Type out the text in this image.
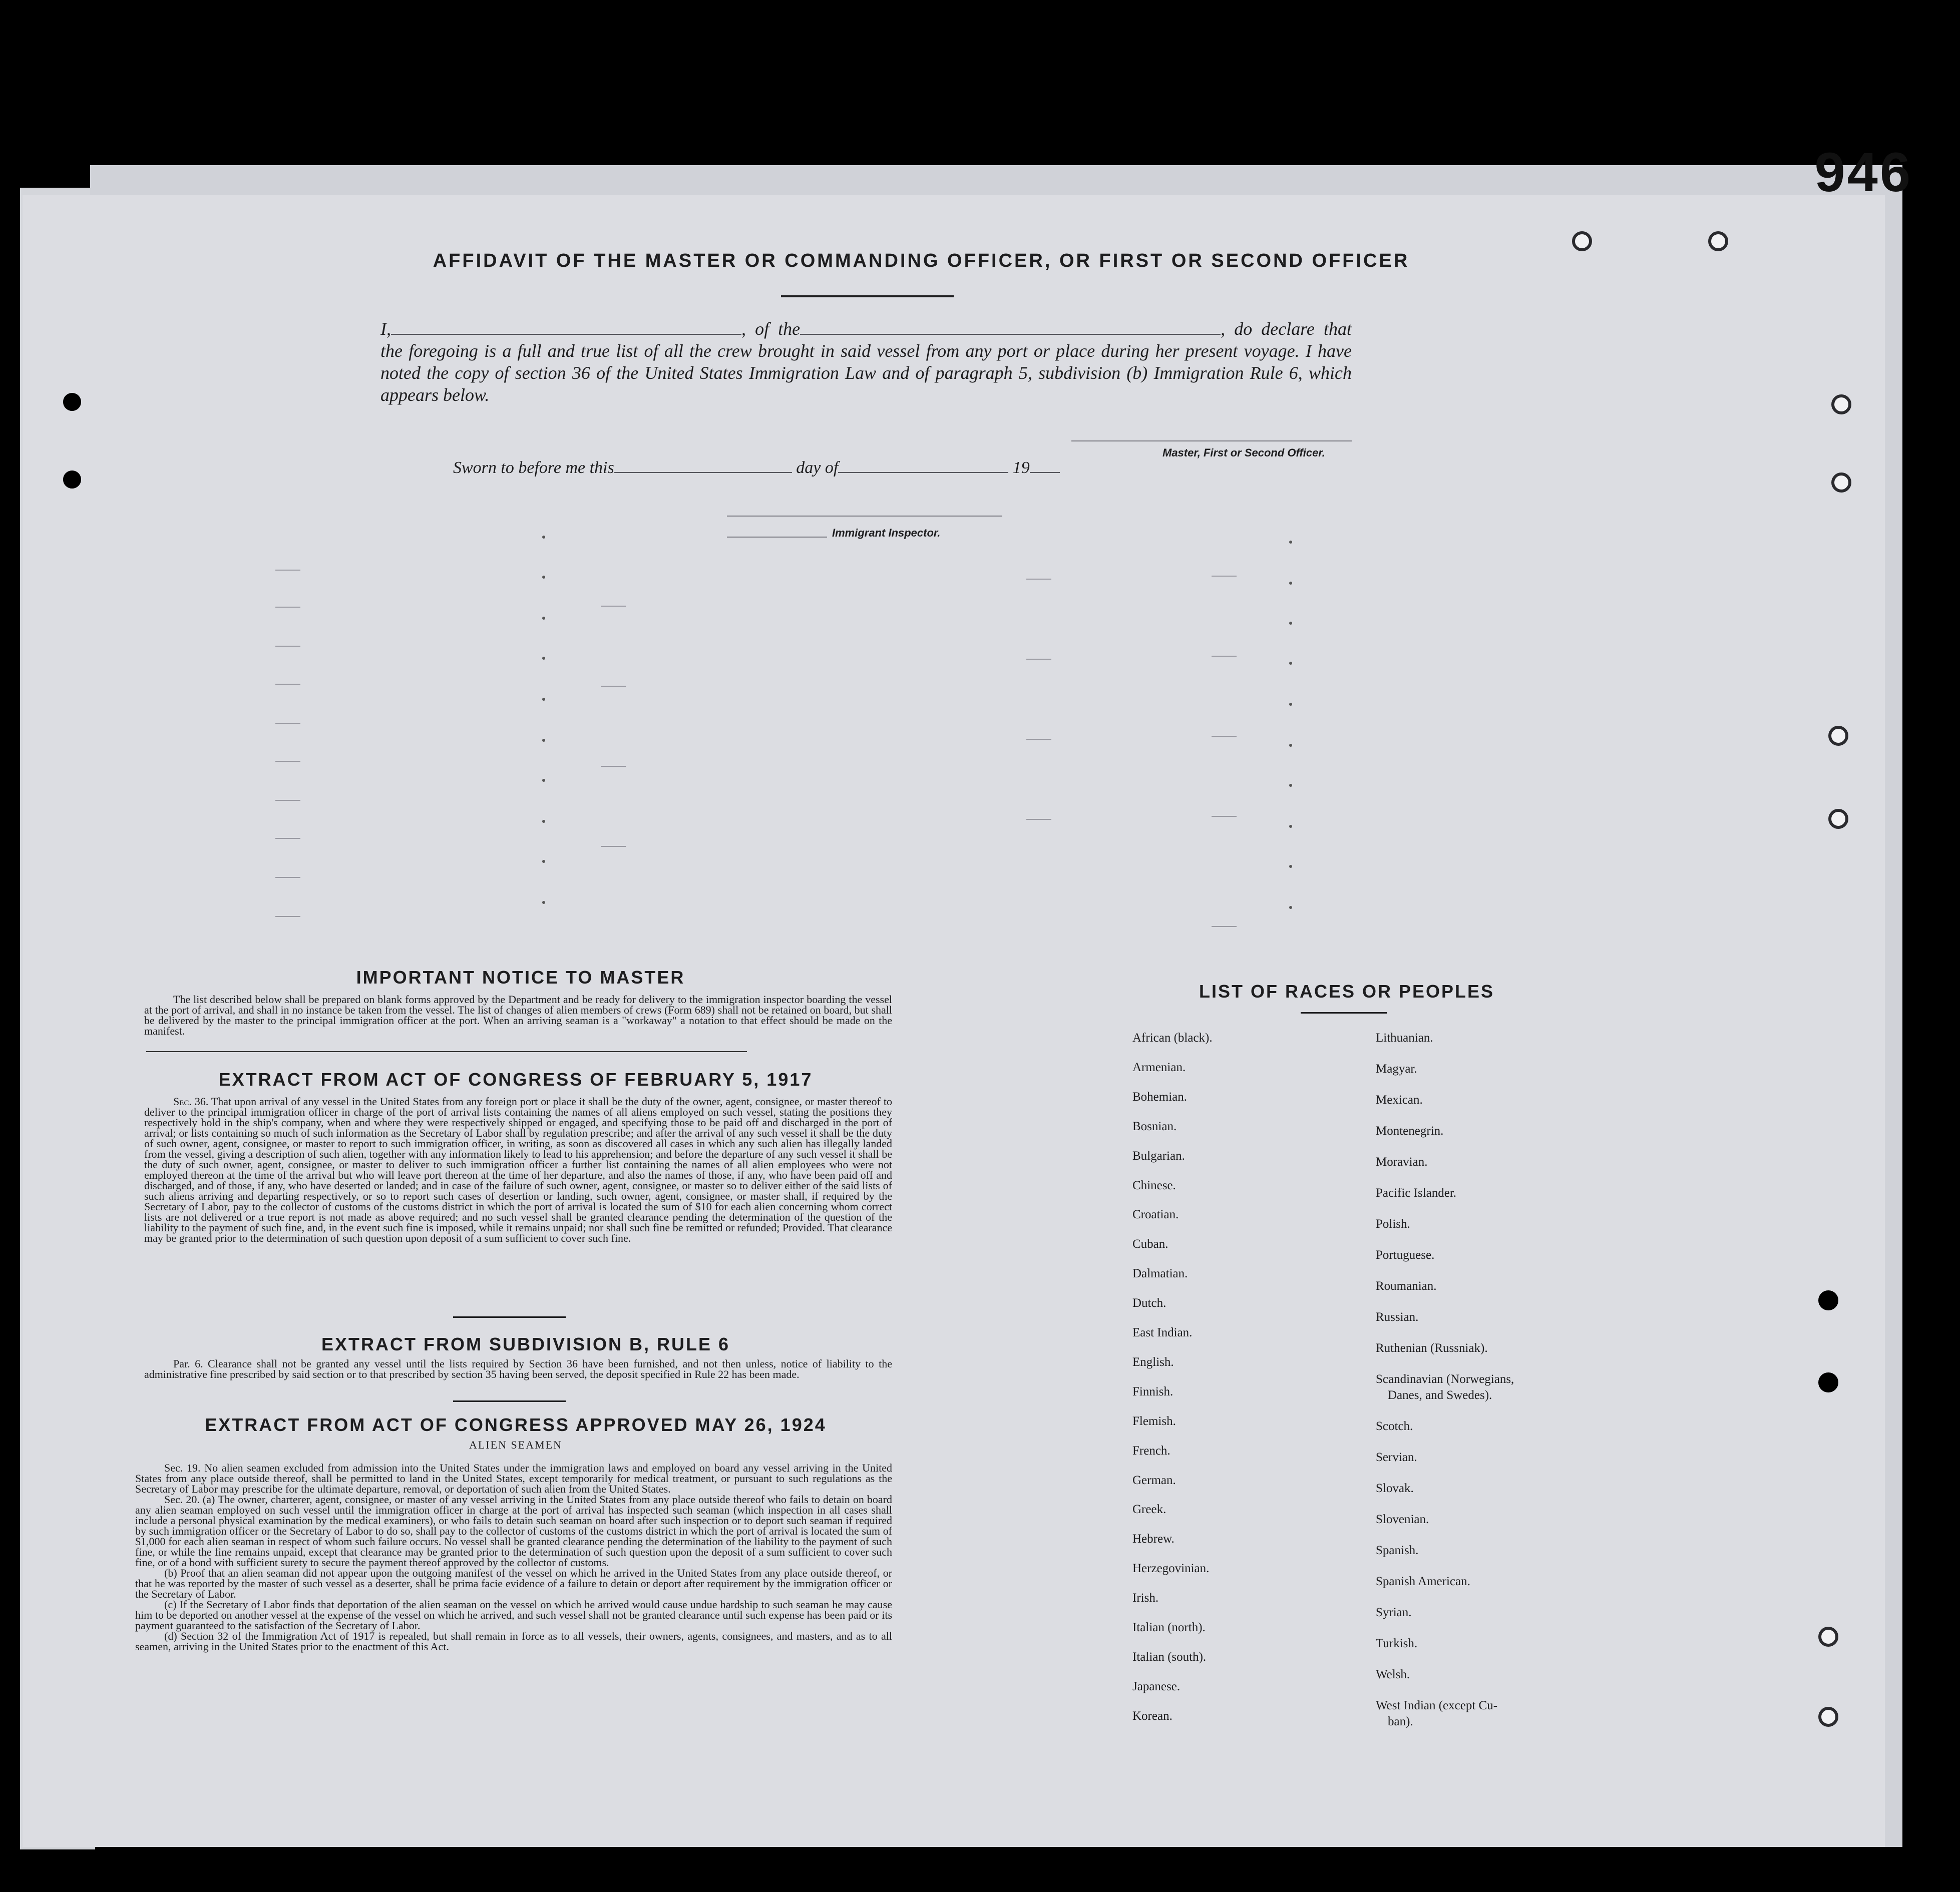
946
AFFIDAVIT OF THE MASTER OR COMMANDING OFFICER, OR FIRST OR SECOND OFFICER
I,	, of the	, do declare that the foregoing is a full and true list of all the crew brought in said vessel from any port or place during her present voyage. I have noted the copy of section 36 of the United States Immigration Law and of paragraph 5, subdivision (b) Immigration Rule 6, which appears below.
Master, First or Second Officer.
Sworn to before me this	day of	19
Immigrant Inspector.
IMPORTANT NOTICE TO MASTER

The list described below shall be prepared on blank forms approved by the Department and be ready for delivery to the immigration inspector boarding the vessel at the port of arrival, and shall in no instance be taken from the vessel. The list of changes of alien members of crews (Form 689) shall not be retained on board, but shall be delivered by the master to the principal immigration officer at the port. When an arriving seaman is a "workaway" a notation to that effect should be made on the manifest.

EXTRACT FROM ACT OF CONGRESS OF FEBRUARY 5, 1917

Sec. 36. That upon arrival of any vessel in the United States from any foreign port or place it shall be the duty of the owner, agent, consignee, or master thereof to deliver to the principal immigration officer in charge of the port of arrival lists containing the names of all aliens employed on such vessel, stating the positions they respectively hold in the ship's company, when and where they were respectively shipped or engaged, and specifying those to be paid off and discharged in the port of arrival; or lists containing so much of such information as the Secretary of Labor shall by regulation prescribe; and after the arrival of any such vessel it shall be the duty of such owner, agent, consignee, or master to report to such immigration officer, in writing, as soon as discovered all cases in which any such alien has illegally landed from the vessel, giving a description of such alien, together with any information likely to lead to his apprehension; and before the departure of any such vessel it shall be the duty of such owner, agent, consignee, or master to deliver to such immigration officer a further list containing the names of all alien employees who were not employed thereon at the time of the arrival but who will leave port thereon at the time of her departure, and also the names of those, if any, who have been paid off and discharged, and of those, if any, who have deserted or landed; and in case of the failure of such owner, agent, consignee, or master so to deliver either of the said lists of such aliens arriving and departing respectively, or so to report such cases of desertion or landing, such owner, agent, consignee, or master shall, if required by the Secretary of Labor, pay to the collector of customs of the customs district in which the port of arrival is located the sum of $10 for each alien concerning whom correct lists are not delivered or a true report is not made as above required; and no such vessel shall be granted clearance pending the determination of the question of the liability to the payment of such fine, and, in the event such fine is imposed, while it remains unpaid; nor shall such fine be remitted or refunded; Provided. That clearance may be granted prior to the determination of such question upon deposit of a sum sufficient to cover such fine.

EXTRACT FROM SUBDIVISION B, RULE 6

Par. 6. Clearance shall not be granted any vessel until the lists required by Section 36 have been furnished, and not then unless, notice of liability to the administrative fine prescribed by said section or to that prescribed by section 35 having been served, the deposit specified in Rule 22 has been made.

EXTRACT FROM ACT OF CONGRESS APPROVED MAY 26, 1924
ALIEN SEAMEN

Sec. 19. No alien seamen excluded from admission into the United States under the immigration laws and employed on board any vessel arriving in the United States from any place outside thereof, shall be permitted to land in the United States, except temporarily for medical treatment, or pursuant to such regulations as the Secretary of Labor may prescribe for the ultimate departure, removal, or deportation of such alien from the United States.

Sec. 20. (a) The owner, charterer, agent, consignee, or master of any vessel arriving in the United States from any place outside thereof who fails to detain on board any alien seaman employed on such vessel until the immigration officer in charge at the port of arrival has inspected such seaman (which inspection in all cases shall include a personal physical examination by the medical examiners), or who fails to detain such seaman on board after such inspection or to deport such seaman if required by such immigration officer or the Secretary of Labor to do so, shall pay to the collector of customs of the customs district in which the port of arrival is located the sum of $1,000 for each alien seaman in respect of whom such failure occurs. No vessel shall be granted clearance pending the determination of the liability to the payment of such fine, or while the fine remains unpaid, except that clearance may be granted prior to the determination of such question upon the deposit of a sum sufficient to cover such fine, or of a bond with sufficient surety to secure the payment thereof approved by the collector of customs.

(b) Proof that an alien seaman did not appear upon the outgoing manifest of the vessel on which he arrived in the United States from any place outside thereof, or that he was reported by the master of such vessel as a deserter, shall be prima facie evidence of a failure to detain or deport after requirement by the immigration officer or the Secretary of Labor.

(c) If the Secretary of Labor finds that deportation of the alien seaman on the vessel on which he arrived would cause undue hardship to such seaman he may cause him to be deported on another vessel at the expense of the vessel on which he arrived, and such vessel shall not be granted clearance until such expense has been paid or its payment guaranteed to the satisfaction of the Secretary of Labor.

(d) Section 32 of the Immigration Act of 1917 is repealed, but shall remain in force as to all vessels, their owners, agents, consignees, and masters, and as to all seamen, arriving in the United States prior to the enactment of this Act.

LIST OF RACES OR PEOPLES
African (black).
Armenian.
Bohemian.
Bosnian.
Bulgarian.
Chinese.
Croatian.
Cuban.
Dalmatian.
Dutch.
East Indian.
English.
Finnish.
Flemish.
French.
German.
Greek.
Hebrew.
Herzegovinian.
Irish.
Italian (north).
Italian (south).
Japanese.
Korean.
Lithuanian.
Magyar.
Mexican.
Montenegrin.
Moravian.
Pacific Islander.
Polish.
Portuguese.
Roumanian.
Russian.
Ruthenian (Russniak).
Scandinavian (Norwegians,
Danes, and Swedes).
Scotch.
Servian.
Slovak.
Slovenian.
Spanish.
Spanish American.
Syrian.
Turkish.
Welsh.
West Indian (except Cu-
ban).
